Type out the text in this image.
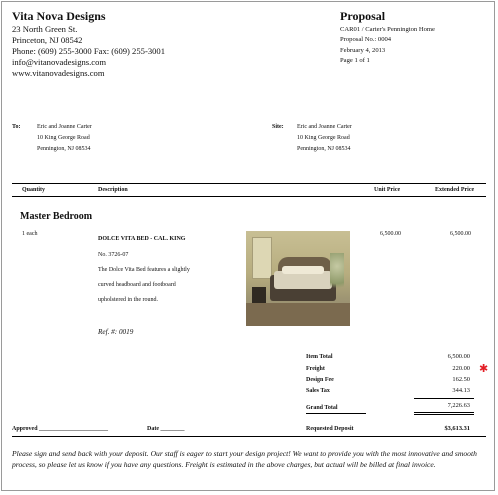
Vita Nova Designs
23 North Green St.
Princeton, NJ 08542
Phone: (609) 255-3000 Fax: (609) 255-3001
info@vitanovadesigns.com
www.vitanovadesigns.com
Proposal
CAR01 / Carter's Pennington Home
Proposal No.: 0004
February 4, 2013
Page 1 of 1
To:	Eric and Joanne Carter
10 King George Road
Pennington, NJ 08534
Site: Eric and Joanne Carter
10 King George Road
Pennington, NJ 08534
Quantity	Description	Unit Price	Extended Price
Master Bedroom
1 each
DOLCE VITA BED - CAL. KING
No. 3726-07
The Dolce Vita Bed features a slightly
curved headboard and footboard
upholstered in the round.
Ref. #: 0019
6,500.00	6,500.00
Item Total	6,500.00
Freight	220.00 ✱
Design Fee	162.50
Sales Tax	344.13
Grand Total	7,226.63
Approved _______________________	Date ________	Requested Deposit	$3,613.31
Please sign and send back with your deposit. Our staff is eager to start your design project! We want to provide you with the most innovative and smooth process, so please let us know if you have any questions. Freight is estimated in the above charges, but actual will be billed at final invoice.
